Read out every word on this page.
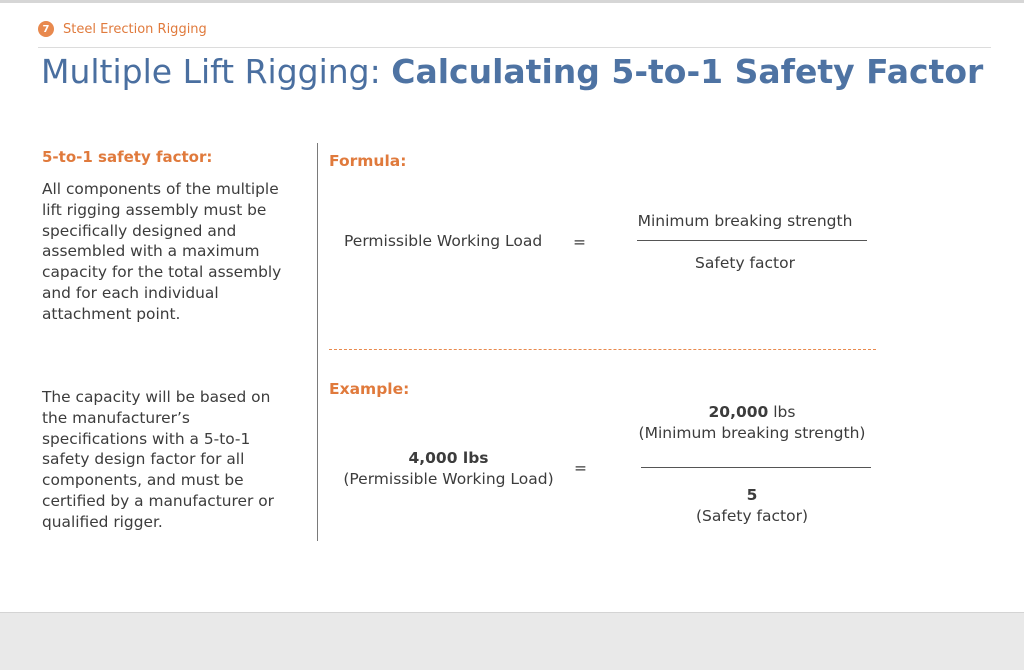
7	Steel Erection Rigging
Multiple Lift Rigging: Calculating 5-to-1 Safety Factor
5-to-1 safety factor:

All components of the multiple lift rigging assembly must be specifically designed and assembled with a maximum capacity for the total assembly and for each individual attachment point.

The capacity will be based on the manufacturer’s specifications with a 5-to-1 safety design factor for all components, and must be certified by a manufacturer or qualified rigger.

Formula:
Permissible Working Load =
Minimum breaking strength
Safety factor
Example:
4,000 lbs
(Permissible Working Load)
=
20,000 lbs
(Minimum breaking strength)
5
(Safety factor)
